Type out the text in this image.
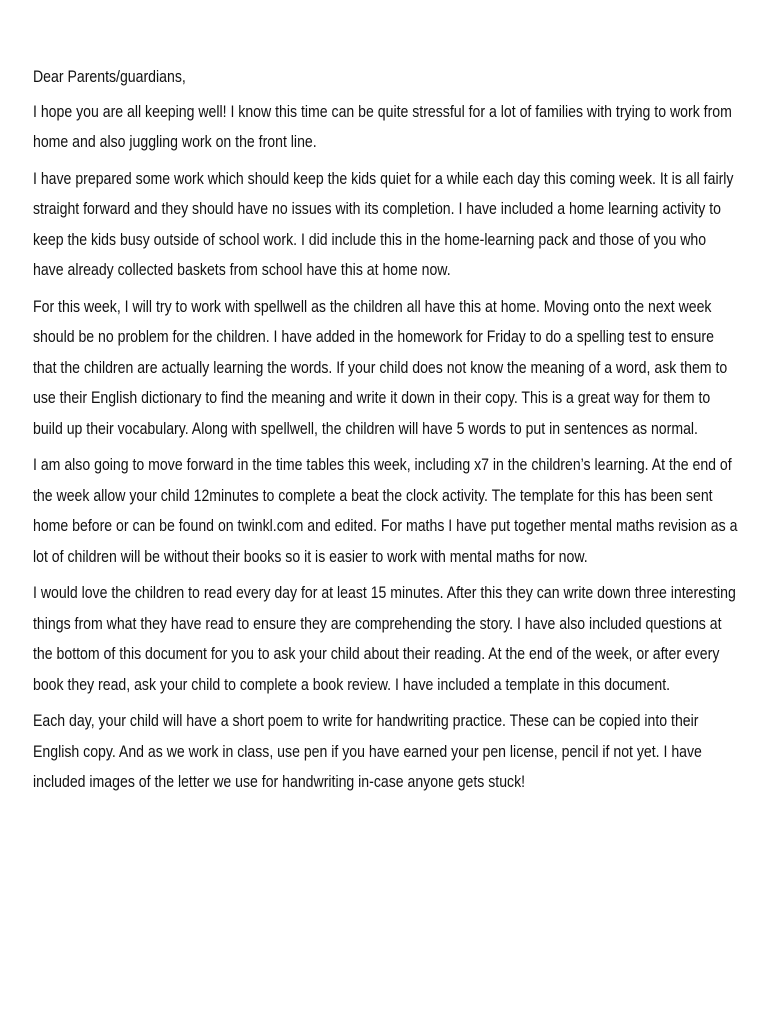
Dear Parents/guardians,

I hope you are all keeping well! I know this time can be quite stressful for a lot of families with trying to work from home and also juggling work on the front line.

I have prepared some work which should keep the kids quiet for a while each day this coming week. It is all fairly straight forward and they should have no issues with its completion. I have included a home learning activity to keep the kids busy outside of school work. I did include this in the home-learning pack and those of you who have already collected baskets from school have this at home now.

For this week, I will try to work with spellwell as the children all have this at home. Moving onto the next week should be no problem for the children. I have added in the homework for Friday to do a spelling test to ensure that the children are actually learning the words. If your child does not know the meaning of a word, ask them to use their English dictionary to find the meaning and write it down in their copy. This is a great way for them to build up their vocabulary. Along with spellwell, the children will have 5 words to put in sentences as normal.

I am also going to move forward in the time tables this week, including x7 in the children’s learning. At the end of the week allow your child 12minutes to complete a beat the clock activity. The template for this has been sent home before or can be found on twinkl.com and edited. For maths I have put together mental maths revision as a lot of children will be without their books so it is easier to work with mental maths for now.

I would love the children to read every day for at least 15 minutes. After this they can write down three interesting things from what they have read to ensure they are comprehending the story. I have also included questions at the bottom of this document for you to ask your child about their reading. At the end of the week, or after every book they read, ask your child to complete a book review. I have included a template in this document.

Each day, your child will have a short poem to write for handwriting practice. These can be copied into their English copy. And as we work in class, use pen if you have earned your pen license, pencil if not yet. I have included images of the letter we use for handwriting in-case anyone gets stuck!
